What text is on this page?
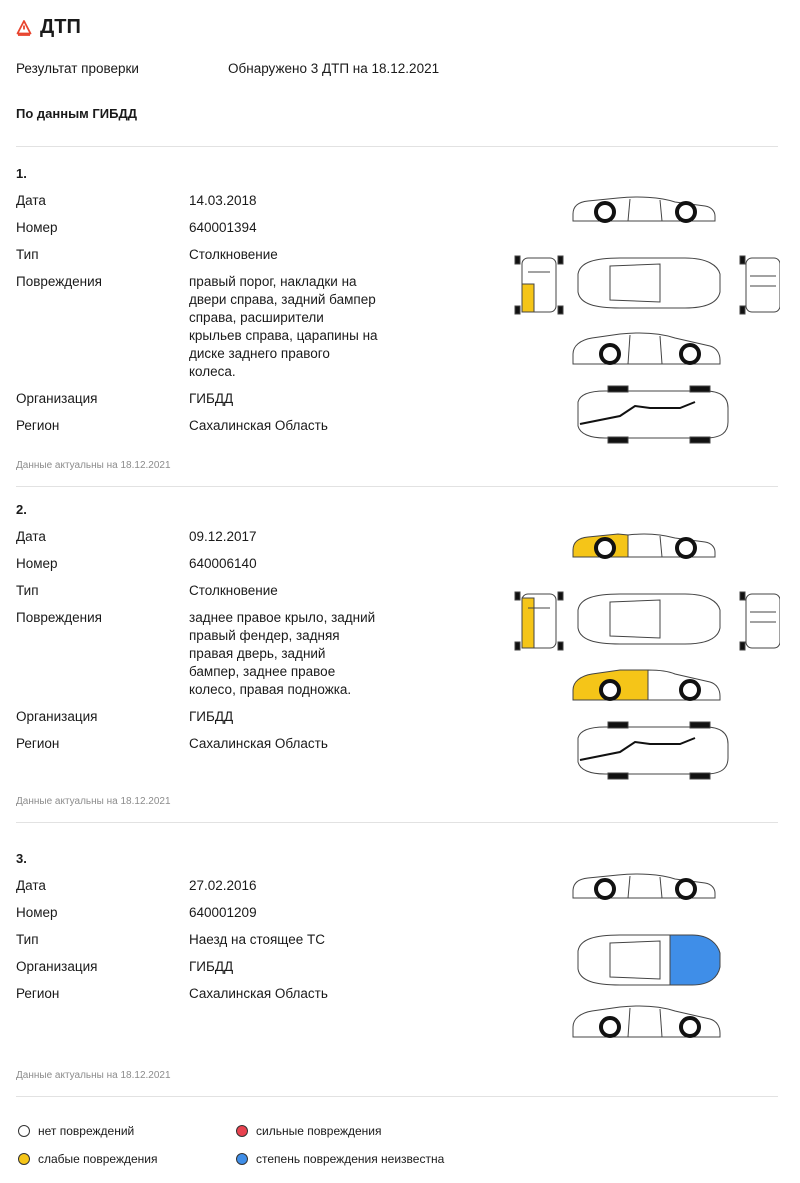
ДТП
Результат проверки	Обнаружено 3 ДТП на 18.12.2021
По данным ГИБДД
1.
Дата	14.03.2018
Номер	640001394
Тип	Столкновение
Повреждения	правый порог, накладки на двери справа, задний бампер справа, расширители крыльев справа, царапины на диске заднего правого колеса.
Организация	ГИБДД
Регион	Сахалинская Область
Данные актуальны на 18.12.2021
2.
Дата	09.12.2017
Номер	640006140
Тип	Столкновение
Повреждения	заднее правое крыло, задний правый фендер, задняя правая дверь, задний бампер, заднее правое колесо, правая подножка.
Организация	ГИБДД
Регион	Сахалинская Область
Данные актуальны на 18.12.2021
3.
Дата	27.02.2016
Номер	640001209
Тип	Наезд на стоящее ТС
Организация	ГИБДД
Регион	Сахалинская Область
Данные актуальны на 18.12.2021
нет повреждений	сильные повреждения
слабые повреждения	степень повреждения неизвестна
